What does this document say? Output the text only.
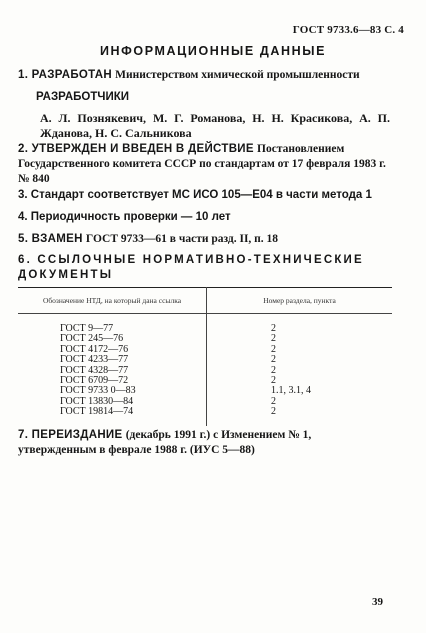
ГОСТ 9733.6—83 С. 4
ИНФОРМАЦИОННЫЕ ДАННЫЕ
1. РАЗРАБОТАН Министерством химической промышленности
РАЗРАБОТЧИКИ
А. Л. Познякевич, М. Г. Романова, Н. Н. Красикова, А. П. Жданова, Н. С. Сальникова
2. УТВЕРЖДЕН И ВВЕДЕН В ДЕЙСТВИЕ Постановлением Государственного комитета СССР по стандартам от 17 февраля 1983 г. № 840
3. Стандарт соответствует МС ИСО 105—Е04 в части метода 1
4. Периодичность проверки — 10 лет
5. ВЗАМЕН ГОСТ 9733—61 в части разд. II, п. 18
6. ССЫЛОЧНЫЕ НОРМАТИВНО-ТЕХНИЧЕСКИЕ ДОКУМЕНТЫ
Обозначение НТД, на который дана ссылка	Номер раздела, пункта

ГОСТ 9—77	2
ГОСТ 245—76	2
ГОСТ 4172—76	2
ГОСТ 4233—77	2
ГОСТ 4328—77	2
ГОСТ 6709—72	2
ГОСТ 9733 0—83	1.1, 3.1, 4
ГОСТ 13830—84	2
ГОСТ 19814—74	2

7. ПЕРЕИЗДАНИЕ (декабрь 1991 г.) с Изменением № 1, утвержденным в феврале 1988 г. (ИУС 5—88)
39
